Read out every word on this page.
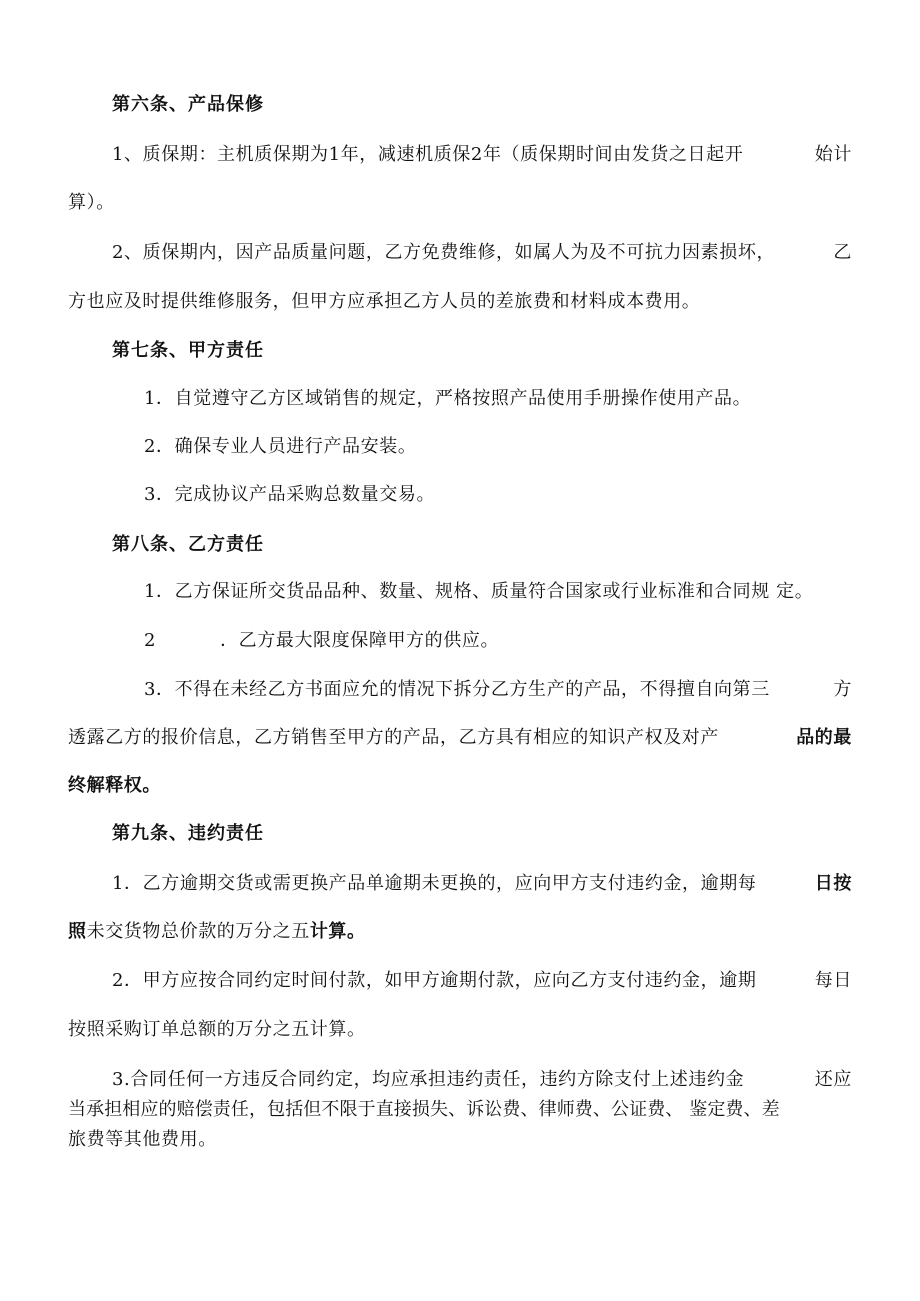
第六条、产品保修
1、质保期：主机质保期为1年，减速机质保2年（质保期时间由发货之日起开	始计
算）。
2、质保期内，因产品质量问题，乙方免费维修，如属人为及不可抗力因素损坏，	乙
方也应及时提供维修服务，但甲方应承担乙方人员的差旅费和材料成本费用。
第七条、甲方责任
1．自觉遵守乙方区域销售的规定，严格按照产品使用手册操作使用产品。
2．确保专业人员进行产品安装。
3．完成协议产品采购总数量交易。
第八条、乙方责任
1．乙方保证所交货品品种、数量、规格、质量符合国家或行业标准和合同规 定。
2	．乙方最大限度保障甲方的供应。
3．不得在未经乙方书面应允的情况下拆分乙方生产的产品，不得擅自向第三	方
透露乙方的报价信息，乙方销售至甲方的产品，乙方具有相应的知识产权及对产	品的最
终解释权。
第九条、违约责任
1．乙方逾期交货或需更换产品单逾期未更换的，应向甲方支付违约金，逾期每	日按
照未交货物总价款的万分之五计算。
2．甲方应按合同约定时间付款，如甲方逾期付款，应向乙方支付违约金，逾期	每日
按照采购订单总额的万分之五计算。
3.合同任何一方违反合同约定，均应承担违约责任，违约方除支付上述违约金	还应
当承担相应的赔偿责任，包括但不限于直接损失、诉讼费、律师费、公证费、 鉴定费、差
旅费等其他费用。
